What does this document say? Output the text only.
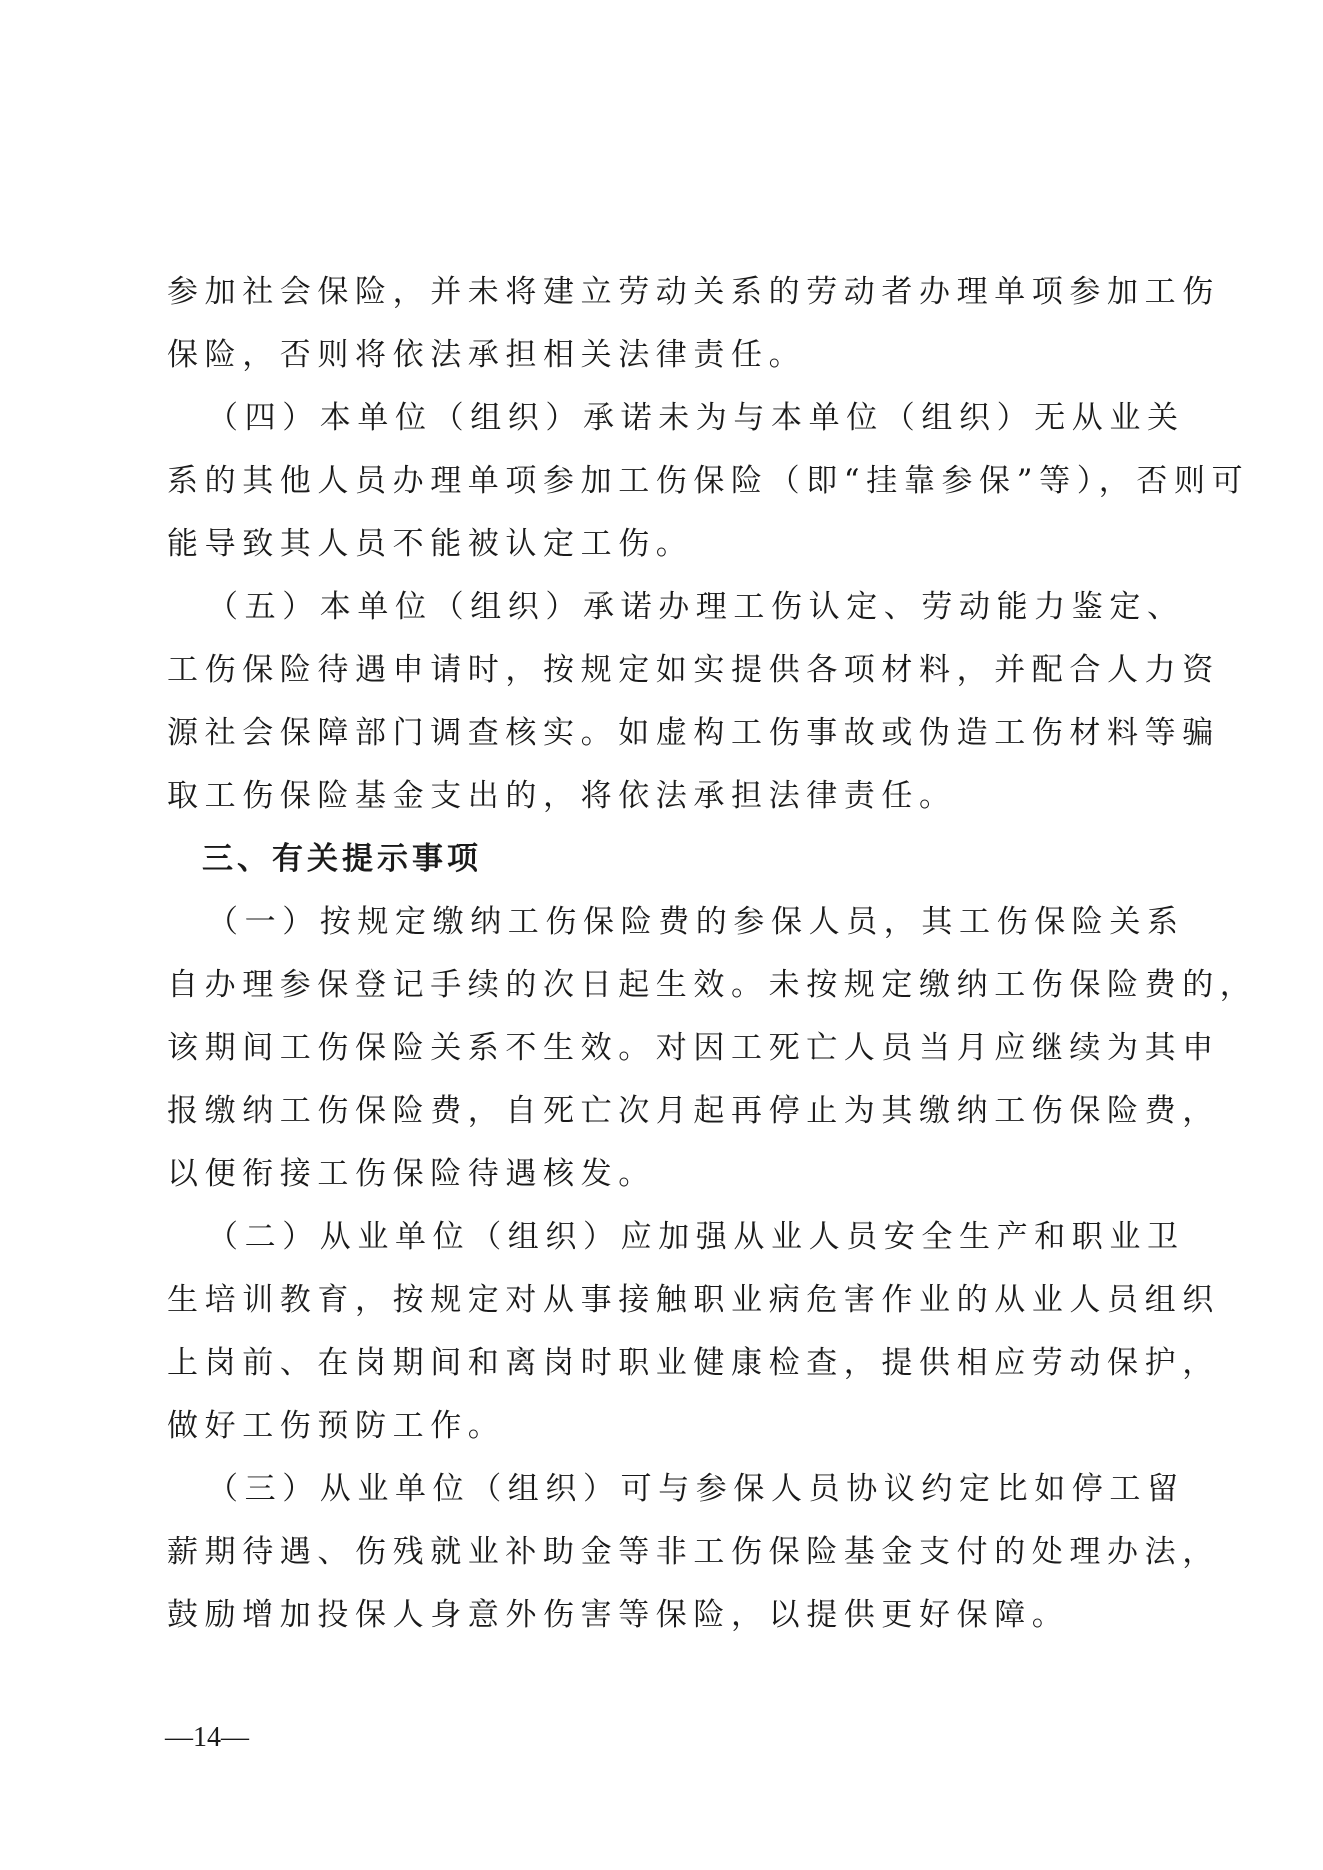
参加社会保险，并未将建立劳动关系的劳动者办理单项参加工伤
保险，否则将依法承担相关法律责任。
（四）本单位（组织）承诺未为与本单位（组织）无从业关
系的其他人员办理单项参加工伤保险（即“挂靠参保”等），否则可
能导致其人员不能被认定工伤。
（五）本单位（组织）承诺办理工伤认定、劳动能力鉴定、
工伤保险待遇申请时，按规定如实提供各项材料，并配合人力资
源社会保障部门调查核实。如虚构工伤事故或伪造工伤材料等骗
取工伤保险基金支出的，将依法承担法律责任。
三、有关提示事项
（一）按规定缴纳工伤保险费的参保人员，其工伤保险关系
自办理参保登记手续的次日起生效。未按规定缴纳工伤保险费的，
该期间工伤保险关系不生效。对因工死亡人员当月应继续为其申
报缴纳工伤保险费，自死亡次月起再停止为其缴纳工伤保险费，
以便衔接工伤保险待遇核发。
（二）从业单位（组织）应加强从业人员安全生产和职业卫
生培训教育，按规定对从事接触职业病危害作业的从业人员组织
上岗前、在岗期间和离岗时职业健康检查，提供相应劳动保护，
做好工伤预防工作。
（三）从业单位（组织）可与参保人员协议约定比如停工留
薪期待遇、伤残就业补助金等非工伤保险基金支付的处理办法，
鼓励增加投保人身意外伤害等保险，以提供更好保障。
—14—
